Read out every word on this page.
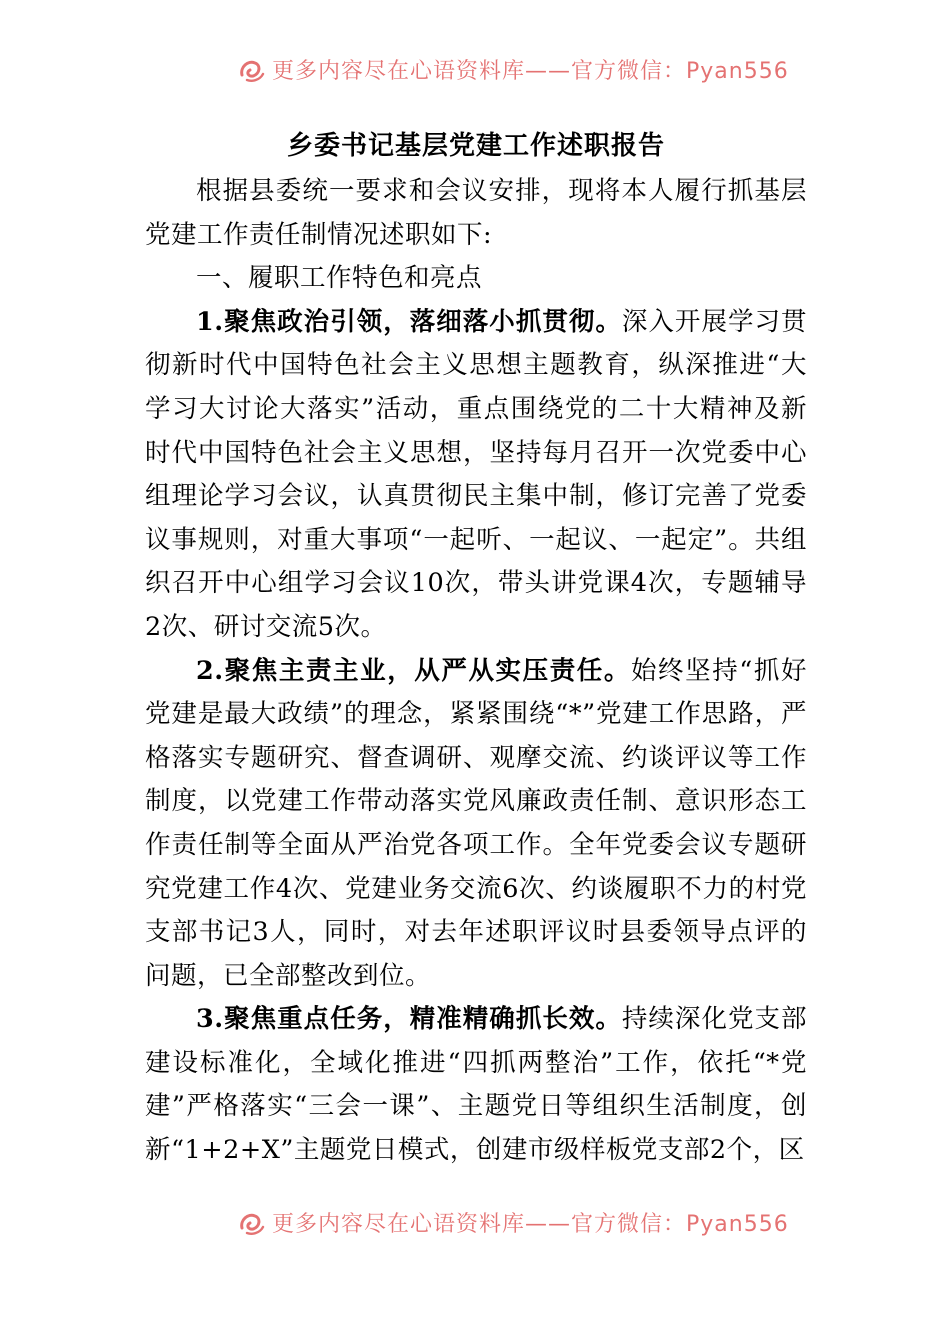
更多内容尽在心语资料库——官方微信：Pyan556
乡委书记基层党建工作述职报告

根据县委统一要求和会议安排，现将本人履行抓基层党建工作责任制情况述职如下:

一、履职工作特色和亮点

1.聚焦政治引领，落细落小抓贯彻。深入开展学习贯彻新时代中国特色社会主义思想主题教育，纵深推进“大学习大讨论大落实”活动，重点围绕党的二十大精神及新时代中国特色社会主义思想，坚持每月召开一次党委中心组理论学习会议，认真贯彻民主集中制，修订完善了党委议事规则，对重大事项“一起听、一起议、一起定”。共组织召开中心组学习会议10次，带头讲党课4次，专题辅导2次、研讨交流5次。

2.聚焦主责主业，从严从实压责任。始终坚持“抓好党建是最大政绩”的理念，紧紧围绕“*”党建工作思路，严格落实专题研究、督查调研、观摩交流、约谈评议等工作制度，以党建工作带动落实党风廉政责任制、意识形态工作责任制等全面从严治党各项工作。全年党委会议专题研究党建工作4次、党建业务交流6次、约谈履职不力的村党支部书记3人，同时，对去年述职评议时县委领导点评的问题，已全部整改到位。

3.聚焦重点任务，精准精确抓长效。持续深化党支部建设标准化，全域化推进“四抓两整治”工作，依托“*党建”严格落实“三会一课”、主题党日等组织生活制度，创新“1+2+X”主题党日模式，创建市级样板党支部2个，区

更多内容尽在心语资料库——官方微信：Pyan556
